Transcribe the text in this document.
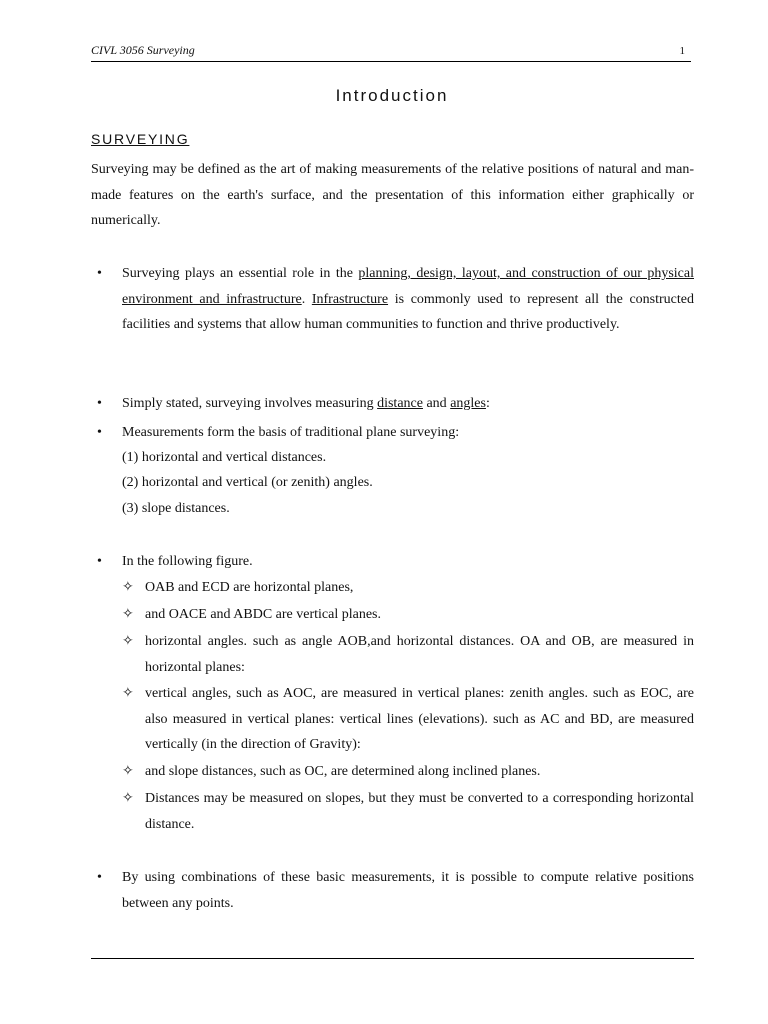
CIVL 3056 Surveying	1
Introduction
SURVEYING
Surveying may be defined as the art of making measurements of the relative positions of natural and man-made features on the earth's surface, and the presentation of this information either graphically or numerically.
• Surveying plays an essential role in the planning, design, layout, and construction of our physical environment and infrastructure. Infrastructure is commonly used to represent all the constructed facilities and systems that allow human communities to function and thrive productively.
• Simply stated, surveying involves measuring distance and angles:
• Measurements form the basis of traditional plane surveying:
(1) horizontal and vertical distances.
(2) horizontal and vertical (or zenith) angles.
(3) slope distances.
• In the following figure.
✧ OAB and ECD are horizontal planes,
✧ and OACE and ABDC are vertical planes.
✧ horizontal angles. such as angle AOB,and horizontal distances. OA and OB, are measured in horizontal planes:
✧ vertical angles, such as AOC, are measured in vertical planes: zenith angles. such as EOC, are also measured in vertical planes: vertical lines (elevations). such as AC and BD, are measured vertically (in the direction of Gravity):
✧ and slope distances, such as OC, are determined along inclined planes.
✧ Distances may be measured on slopes, but they must be converted to a corresponding horizontal distance.
• By using combinations of these basic measurements, it is possible to compute relative positions between any points.
